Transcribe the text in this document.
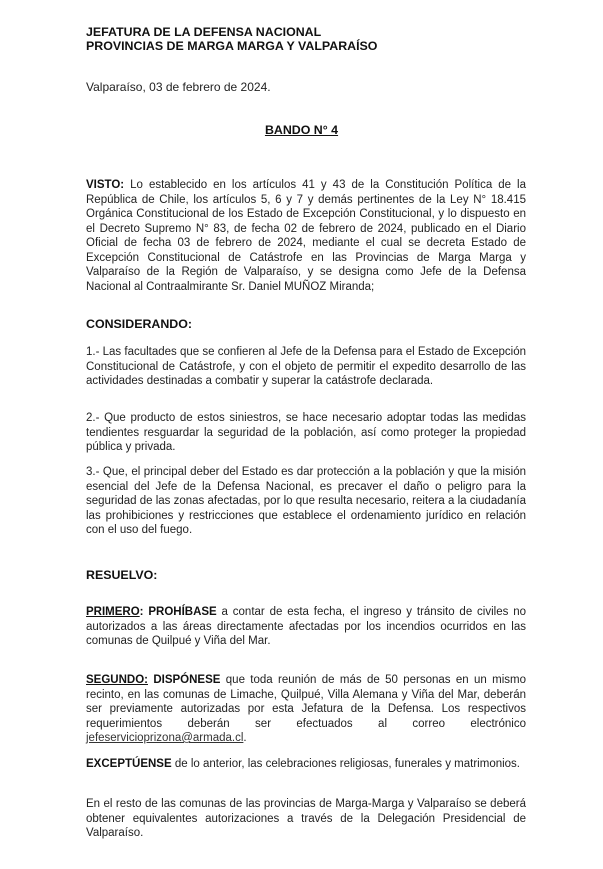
JEFATURA DE LA DEFENSA NACIONAL
PROVINCIAS DE MARGA MARGA Y VALPARAÍSO
Valparaíso, 03 de febrero de 2024.
BANDO N° 4
VISTO: Lo establecido en los artículos 41 y 43 de la Constitución Política de la República de Chile, los artículos 5, 6 y 7 y demás pertinentes de la Ley N° 18.415 Orgánica Constitucional de los Estado de Excepción Constitucional, y lo dispuesto en el Decreto Supremo N° 83, de fecha 02 de febrero de 2024, publicado en el Diario Oficial de fecha 03 de febrero de 2024, mediante el cual se decreta Estado de Excepción Constitucional de Catástrofe en las Provincias de Marga Marga y Valparaíso de la Región de Valparaíso, y se designa como Jefe de la Defensa Nacional al Contraalmirante Sr. Daniel MUÑOZ Miranda;
CONSIDERANDO:
1.- Las facultades que se confieren al Jefe de la Defensa para el Estado de Excepción Constitucional de Catástrofe, y con el objeto de permitir el expedito desarrollo de las actividades destinadas a combatir y superar la catástrofe declarada.
2.- Que producto de estos siniestros, se hace necesario adoptar todas las medidas tendientes resguardar la seguridad de la población, así como proteger la propiedad pública y privada.
3.- Que, el principal deber del Estado es dar protección a la población y que la misión esencial del Jefe de la Defensa Nacional, es precaver el daño o peligro para la seguridad de las zonas afectadas, por lo que resulta necesario, reitera a la ciudadanía las prohibiciones y restricciones que establece el ordenamiento jurídico en relación con el uso del fuego.
RESUELVO:
PRIMERO: PROHÍBASE a contar de esta fecha, el ingreso y tránsito de civiles no autorizados a las áreas directamente afectadas por los incendios ocurridos en las comunas de Quilpué y Viña del Mar.
SEGUNDO: DISPÓNESE que toda reunión de más de 50 personas en un mismo recinto, en las comunas de Limache, Quilpué, Villa Alemana y Viña del Mar, deberán ser previamente autorizadas por esta Jefatura de la Defensa. Los respectivos requerimientos deberán ser efectuados al correo electrónico jefeservicioprizona@armada.cl.
EXCEPTÚENSE de lo anterior, las celebraciones religiosas, funerales y matrimonios.
En el resto de las comunas de las provincias de Marga-Marga y Valparaíso se deberá obtener equivalentes autorizaciones a través de la Delegación Presidencial de Valparaíso.
